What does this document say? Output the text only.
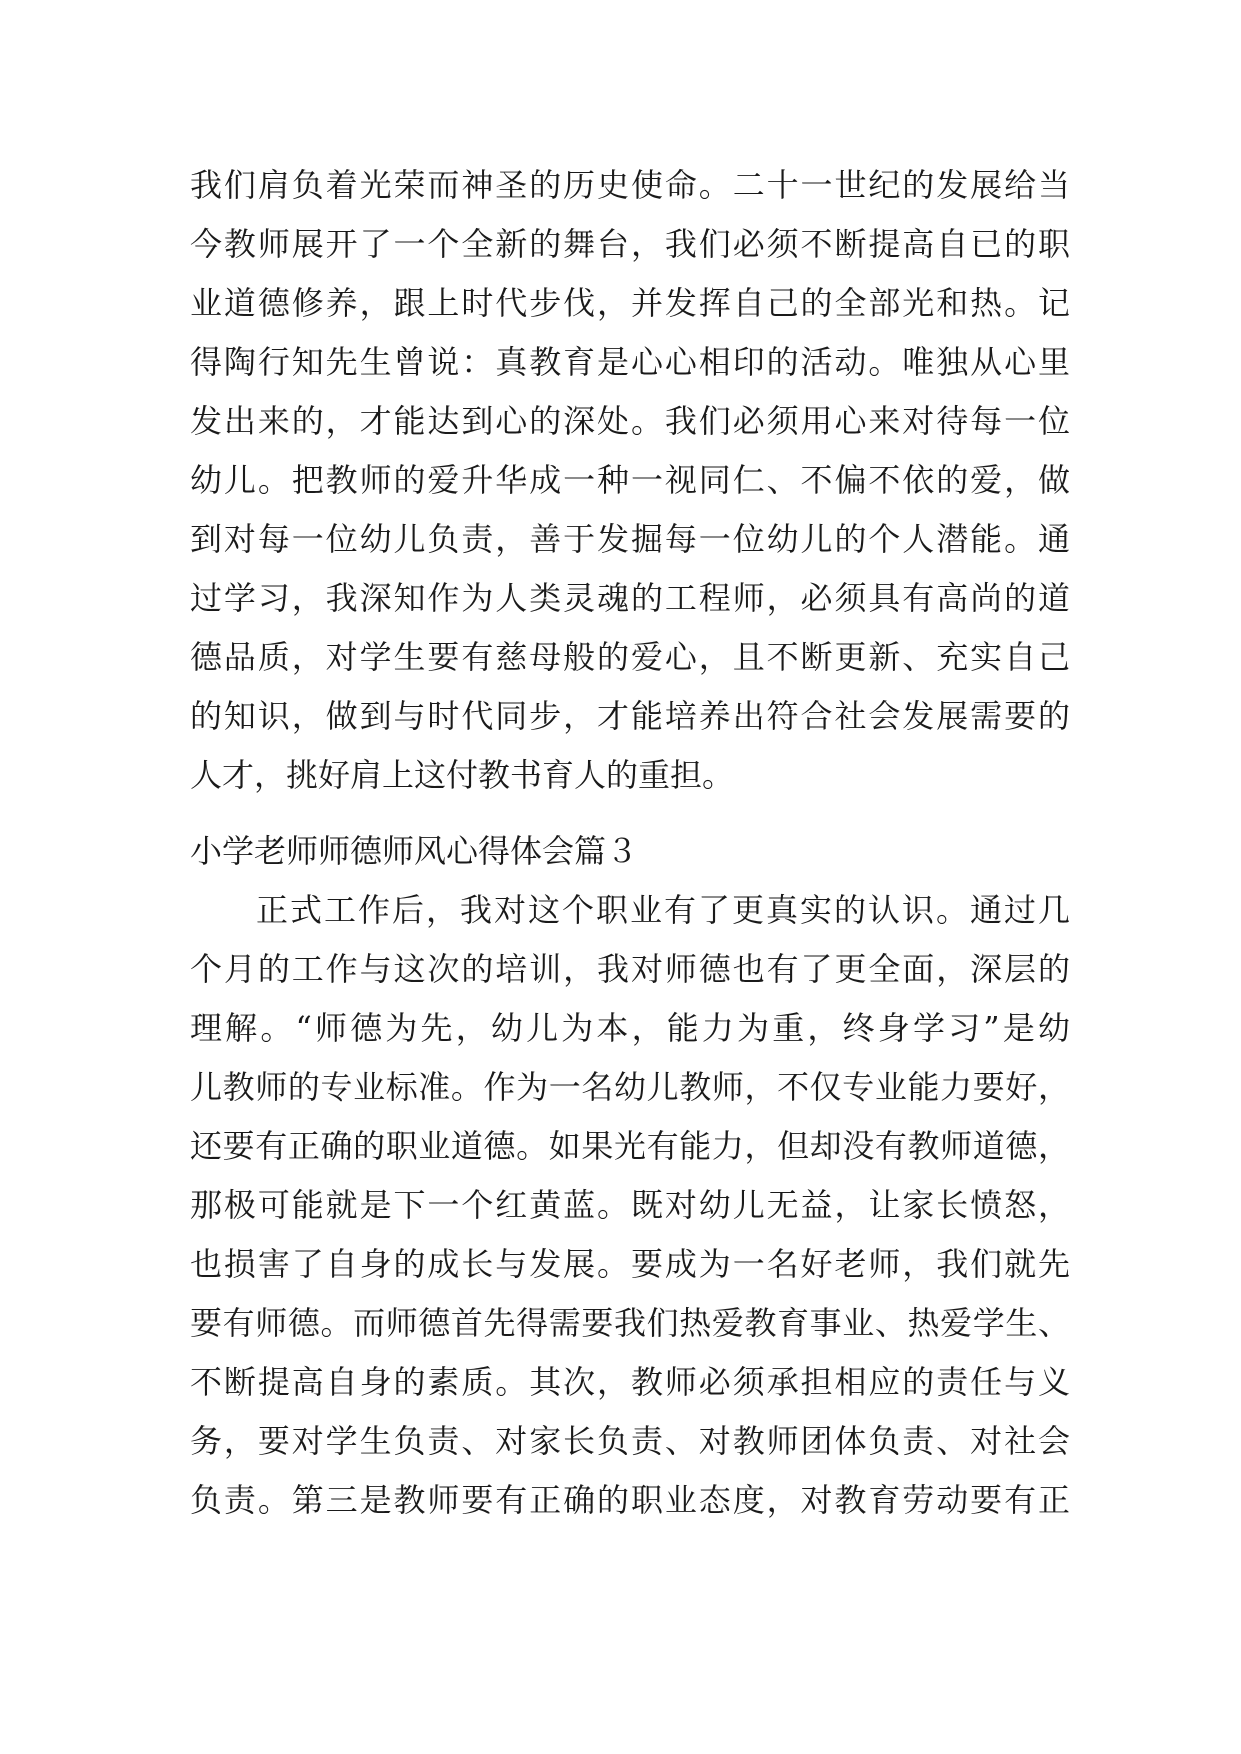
我们肩负着光荣而神圣的历史使命。二十一世纪的发展给当
今教师展开了一个全新的舞台，我们必须不断提高自已的职
业道德修养，跟上时代步伐，并发挥自己的全部光和热。记
得陶行知先生曾说：真教育是心心相印的活动。唯独从心里
发出来的，才能达到心的深处。我们必须用心来对待每一位
幼儿。把教师的爱升华成一种一视同仁、不偏不依的爱，做
到对每一位幼儿负责，善于发掘每一位幼儿的个人潜能。通
过学习，我深知作为人类灵魂的工程师，必须具有高尚的道
德品质，对学生要有慈母般的爱心，且不断更新、充实自己
的知识，做到与时代同步，才能培养出符合社会发展需要的
人才，挑好肩上这付教书育人的重担。
小学老师师德师风心得体会篇３
正式工作后，我对这个职业有了更真实的认识。通过几
个月的工作与这次的培训，我对师德也有了更全面，深层的
理解。“师德为先，幼儿为本，能力为重，终身学习”是幼
儿教师的专业标准。作为一名幼儿教师，不仅专业能力要好，
还要有正确的职业道德。如果光有能力，但却没有教师道德，
那极可能就是下一个红黄蓝。既对幼儿无益，让家长愤怒，
也损害了自身的成长与发展。要成为一名好老师，我们就先
要有师德。而师德首先得需要我们热爱教育事业、热爱学生、
不断提高自身的素质。其次，教师必须承担相应的责任与义
务，要对学生负责、对家长负责、对教师团体负责、对社会
负责。第三是教师要有正确的职业态度，对教育劳动要有正
